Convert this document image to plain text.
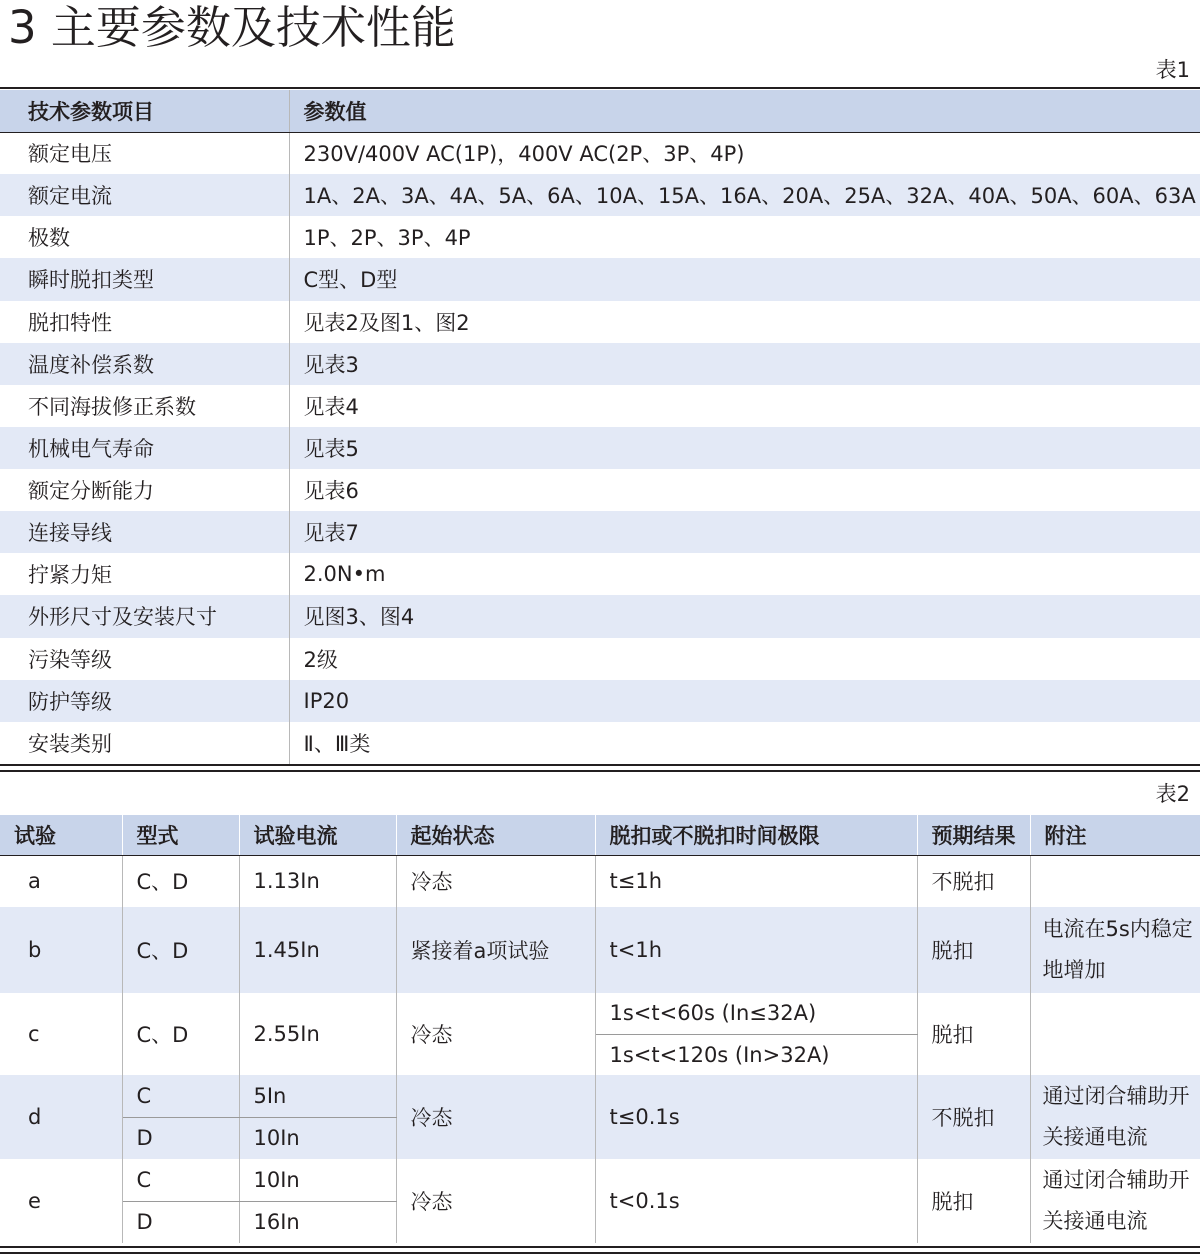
3 主要参数及技术性能
表1
技术参数项目	参数值
额定电压	230V/400V AC(1P)，400V AC(2P、3P、4P)
额定电流	1A、2A、3A、4A、5A、6A、10A、15A、16A、20A、25A、32A、40A、50A、60A、63A
极数	1P、2P、3P、4P
瞬时脱扣类型	C型、D型
脱扣特性	见表2及图1、图2
温度补偿系数	见表3
不同海拔修正系数	见表4
机械电气寿命	见表5
额定分断能力	见表6
连接导线	见表7
拧紧力矩	2.0N•m
外形尺寸及安装尺寸	见图3、图4
污染等级	2级
防护等级	IP20
安装类别	Ⅱ、Ⅲ类
表2
试验	型式	试验电流	起始状态	脱扣或不脱扣时间极限	预期结果	附注
a	C、D	1.13In	冷态	t≤1h	不脱扣	
b	C、D	1.45In	紧接着a项试验	t<1h	脱扣	电流在5s内稳定地增加
c	C、D	2.55In	冷态	1s<t<60s (In≤32A)	脱扣	
				1s<t<120s (In>32A)		
d	C	5In	冷态	t≤0.1s	不脱扣	通过闭合辅助开关接通电流
	D	10In				
e	C	10In	冷态	t<0.1s	脱扣	通过闭合辅助开关接通电流
	D	16In				
